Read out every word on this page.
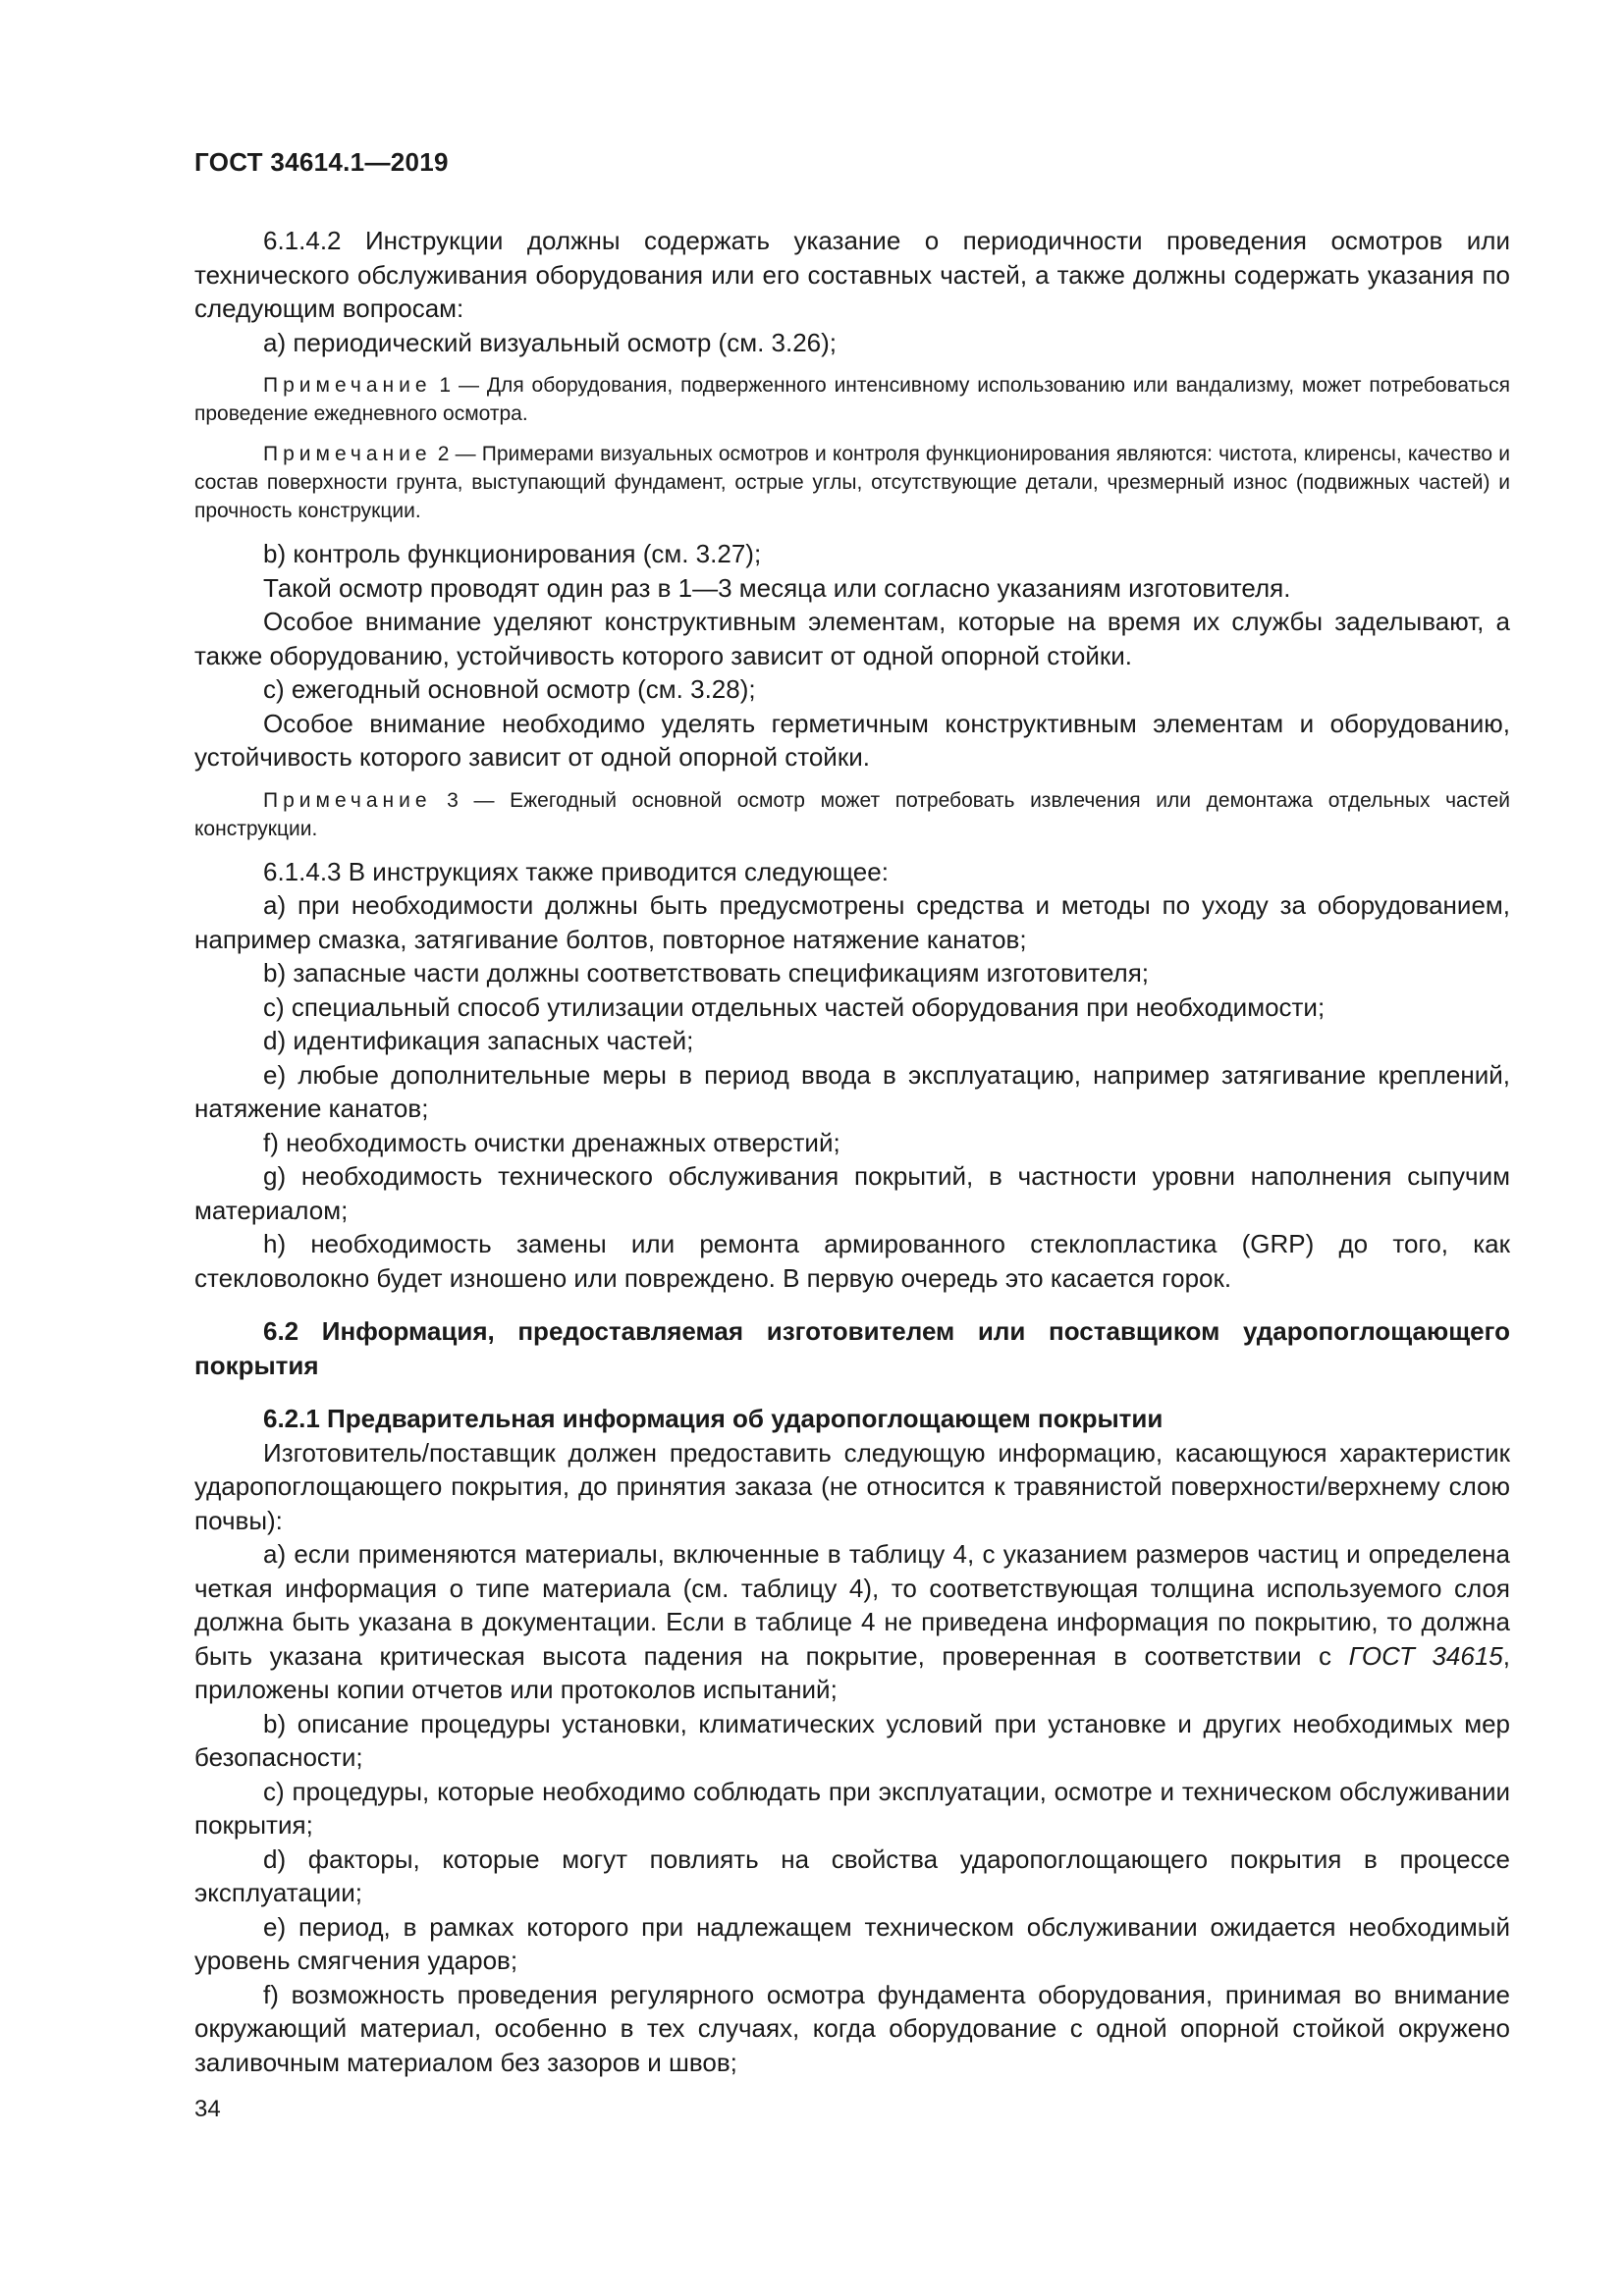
ГОСТ 34614.1—2019

6.1.4.2 Инструкции должны содержать указание о периодичности проведения осмотров или технического обслуживания оборудования или его составных частей, а также должны содержать указания по следующим вопросам:

a) периодический визуальный осмотр (см. 3.26);

Примечание 1 — Для оборудования, подверженного интенсивному использованию или вандализму, может потребоваться проведение ежедневного осмотра.

Примечание 2 — Примерами визуальных осмотров и контроля функционирования являются: чистота, клиренсы, качество и состав поверхности грунта, выступающий фундамент, острые углы, отсутствующие детали, чрезмерный износ (подвижных частей) и прочность конструкции.

b) контроль функционирования (см. 3.27);

Такой осмотр проводят один раз в 1—3 месяца или согласно указаниям изготовителя.

Особое внимание уделяют конструктивным элементам, которые на время их службы заделывают, а также оборудованию, устойчивость которого зависит от одной опорной стойки.

c) ежегодный основной осмотр (см. 3.28);

Особое внимание необходимо уделять герметичным конструктивным элементам и оборудованию, устойчивость которого зависит от одной опорной стойки.

Примечание 3 — Ежегодный основной осмотр может потребовать извлечения или демонтажа отдельных частей конструкции.

6.1.4.3 В инструкциях также приводится следующее:

a) при необходимости должны быть предусмотрены средства и методы по уходу за оборудованием, например смазка, затягивание болтов, повторное натяжение канатов;

b) запасные части должны соответствовать спецификациям изготовителя;

c) специальный способ утилизации отдельных частей оборудования при необходимости;

d) идентификация запасных частей;

e) любые дополнительные меры в период ввода в эксплуатацию, например затягивание креплений, натяжение канатов;

f) необходимость очистки дренажных отверстий;

g) необходимость технического обслуживания покрытий, в частности уровни наполнения сыпучим материалом;

h) необходимость замены или ремонта армированного стеклопластика (GRP) до того, как стекловолокно будет изношено или повреждено. В первую очередь это касается горок.

6.2 Информация, предоставляемая изготовителем или поставщиком ударопоглощающего покрытия

6.2.1 Предварительная информация об ударопоглощающем покрытии

Изготовитель/поставщик должен предоставить следующую информацию, касающуюся характеристик ударопоглощающего покрытия, до принятия заказа (не относится к травянистой поверхности/верхнему слою почвы):

a) если применяются материалы, включенные в таблицу 4, с указанием размеров частиц и определена четкая информация о типе материала (см. таблицу 4), то соответствующая толщина используемого слоя должна быть указана в документации. Если в таблице 4 не приведена информация по покрытию, то должна быть указана критическая высота падения на покрытие, проверенная в соответствии с ГОСТ 34615, приложены копии отчетов или протоколов испытаний;

b) описание процедуры установки, климатических условий при установке и других необходимых мер безопасности;

c) процедуры, которые необходимо соблюдать при эксплуатации, осмотре и техническом обслуживании покрытия;

d) факторы, которые могут повлиять на свойства ударопоглощающего покрытия в процессе эксплуатации;

e) период, в рамках которого при надлежащем техническом обслуживании ожидается необходимый уровень смягчения ударов;

f) возможность проведения регулярного осмотра фундамента оборудования, принимая во внимание окружающий материал, особенно в тех случаях, когда оборудование с одной опорной стойкой окружено заливочным материалом без зазоров и швов;

34
